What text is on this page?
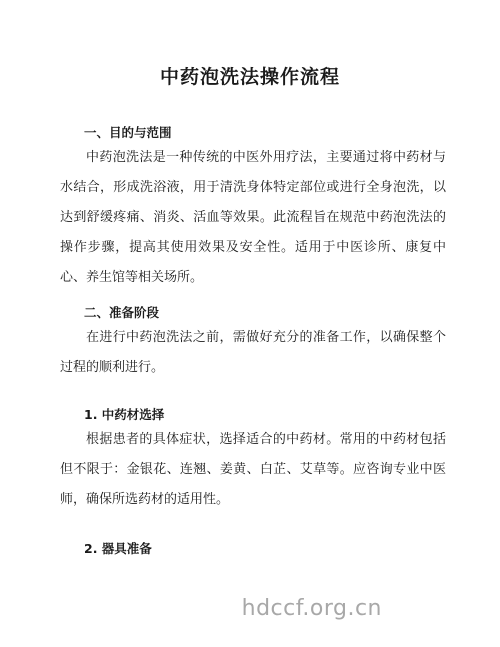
中药泡洗法操作流程
一、目的与范围

中药泡洗法是一种传统的中医外用疗法，主要通过将中药材与水结合，形成洗浴液，用于清洗身体特定部位或进行全身泡洗，以达到舒缓疼痛、消炎、活血等效果。此流程旨在规范中药泡洗法的操作步骤，提高其使用效果及安全性。适用于中医诊所、康复中心、养生馆等相关场所。

二、准备阶段

在进行中药泡洗法之前，需做好充分的准备工作，以确保整个过程的顺利进行。

1. 中药材选择

根据患者的具体症状，选择适合的中药材。常用的中药材包括但不限于：金银花、连翘、姜黄、白芷、艾草等。应咨询专业中医师，确保所选药材的适用性。

2. 器具准备
hdccf.org.cn
